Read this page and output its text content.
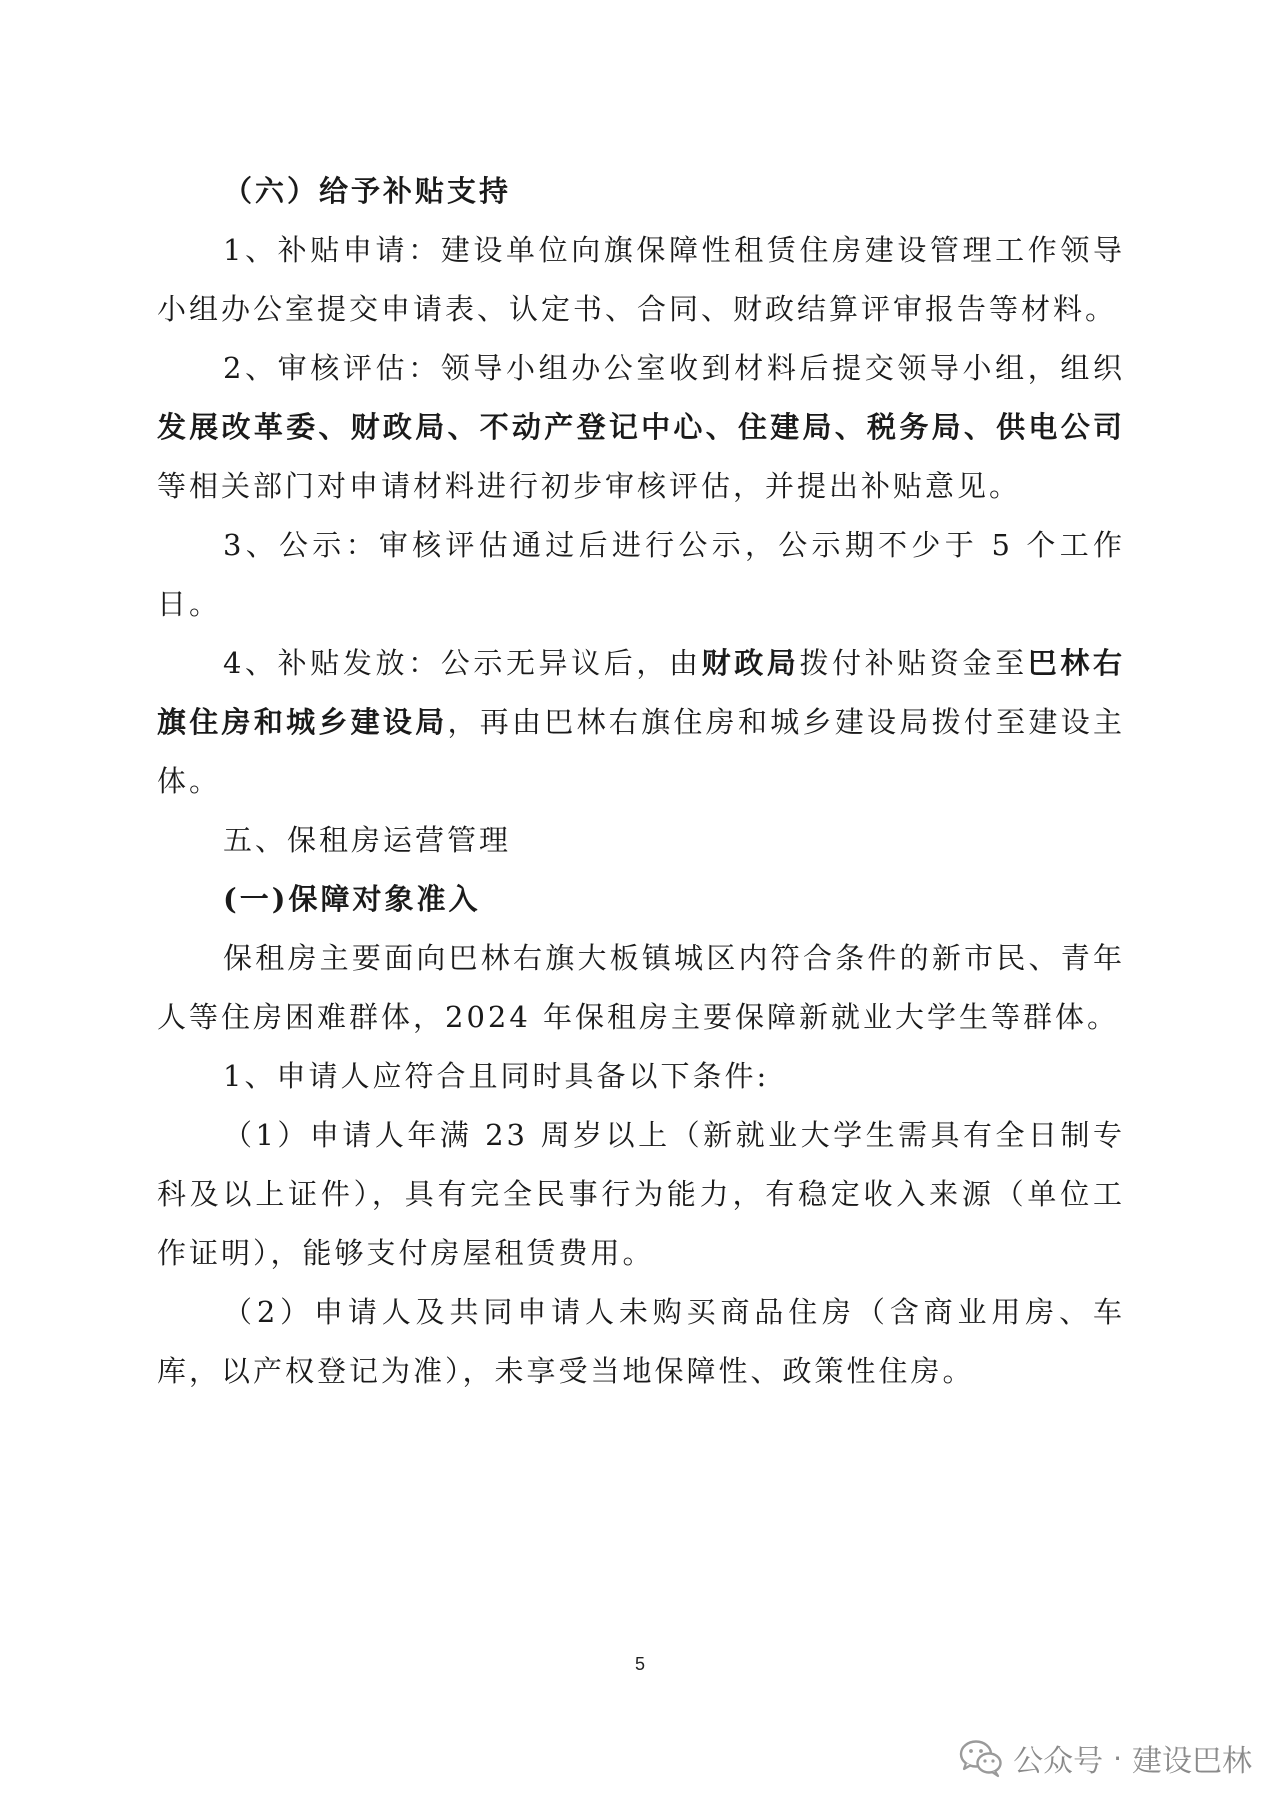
（六）给予补贴支持

1、补贴申请：建设单位向旗保障性租赁住房建设管理工作领导小组办公室提交申请表、认定书、合同、财政结算评审报告等材料。

2、审核评估：领导小组办公室收到材料后提交领导小组，组织发展改革委、财政局、不动产登记中心、住建局、税务局、供电公司等相关部门对申请材料进行初步审核评估，并提出补贴意见。

3、公示：审核评估通过后进行公示，公示期不少于 5 个工作日。

4、补贴发放：公示无异议后，由财政局拨付补贴资金至巴林右旗住房和城乡建设局，再由巴林右旗住房和城乡建设局拨付至建设主体。

五、保租房运营管理

(一)保障对象准入

保租房主要面向巴林右旗大板镇城区内符合条件的新市民、青年人等住房困难群体，2024 年保租房主要保障新就业大学生等群体。

1、申请人应符合且同时具备以下条件:

（1）申请人年满 23 周岁以上（新就业大学生需具有全日制专科及以上证件），具有完全民事行为能力，有稳定收入来源（单位工作证明），能够支付房屋租赁费用。

（2）申请人及共同申请人未购买商品住房（含商业用房、车库，以产权登记为准），未享受当地保障性、政策性住房。

5
公众号 · 建设巴林
